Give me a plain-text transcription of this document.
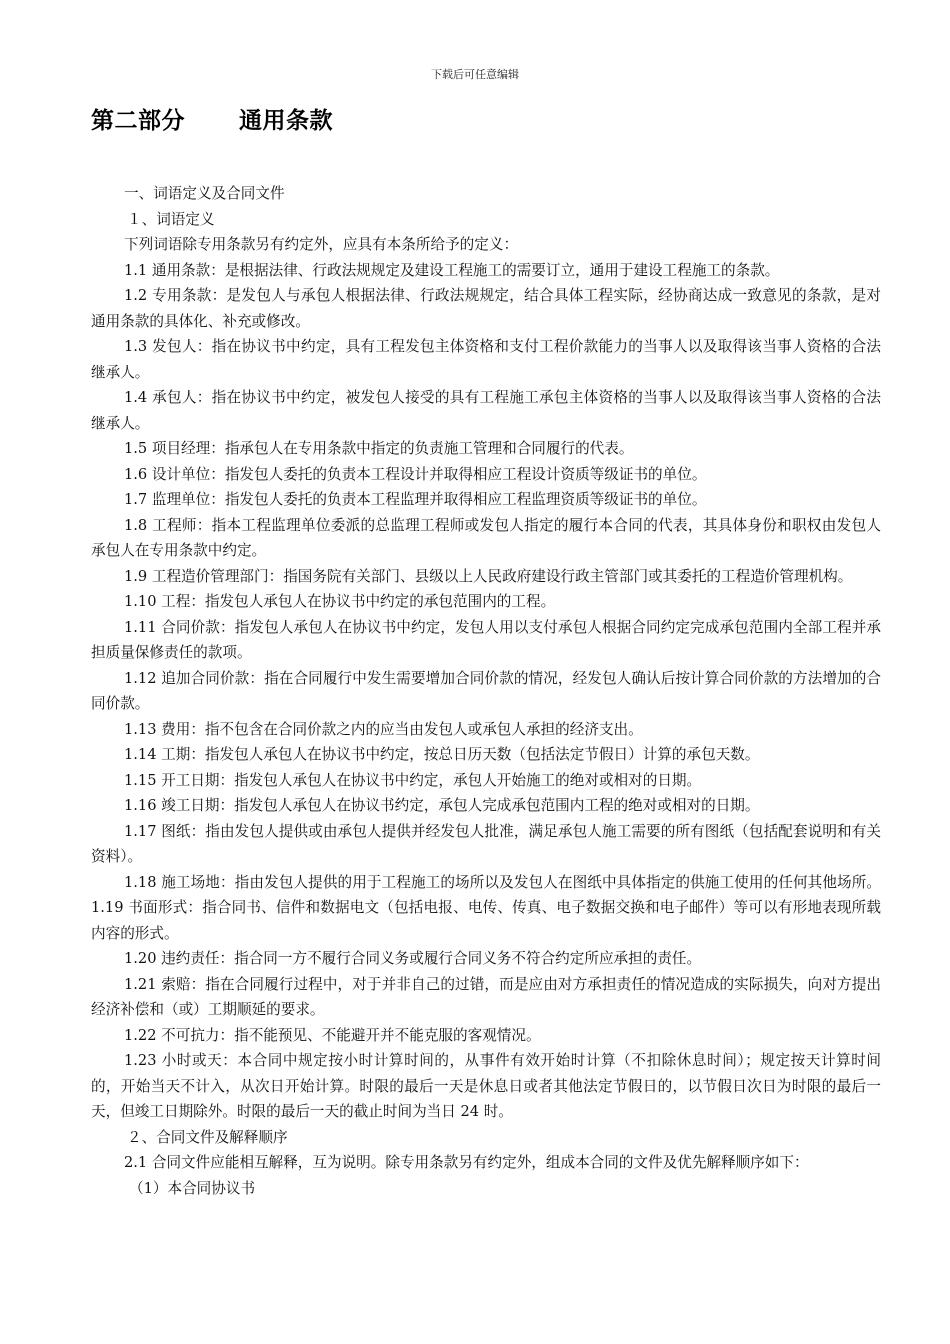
下载后可任意编辑
第二部分 通用条款

一、词语定义及合同文件

１、词语定义

下列词语除专用条款另有约定外，应具有本条所给予的定义：

1.1 通用条款：是根据法律、行政法规规定及建设工程施工的需要订立，通用于建设工程施工的条款。

1.2 专用条款：是发包人与承包人根据法律、行政法规规定，结合具体工程实际，经协商达成一致意见的条款，是对通用条款的具体化、补充或修改。

1.3 发包人：指在协议书中约定，具有工程发包主体资格和支付工程价款能力的当事人以及取得该当事人资格的合法继承人。

1.4 承包人：指在协议书中约定，被发包人接受的具有工程施工承包主体资格的当事人以及取得该当事人资格的合法继承人。

1.5 项目经理：指承包人在专用条款中指定的负责施工管理和合同履行的代表。

1.6 设计单位：指发包人委托的负责本工程设计并取得相应工程设计资质等级证书的单位。

1.7 监理单位：指发包人委托的负责本工程监理并取得相应工程监理资质等级证书的单位。

1.8 工程师：指本工程监理单位委派的总监理工程师或发包人指定的履行本合同的代表，其具体身份和职权由发包人承包人在专用条款中约定。

1.9 工程造价管理部门：指国务院有关部门、县级以上人民政府建设行政主管部门或其委托的工程造价管理机构。

1.10 工程：指发包人承包人在协议书中约定的承包范围内的工程。

1.11 合同价款：指发包人承包人在协议书中约定，发包人用以支付承包人根据合同约定完成承包范围内全部工程并承担质量保修责任的款项。

1.12 追加合同价款：指在合同履行中发生需要增加合同价款的情况，经发包人确认后按计算合同价款的方法增加的合同价款。

1.13 费用：指不包含在合同价款之内的应当由发包人或承包人承担的经济支出。

1.14 工期：指发包人承包人在协议书中约定，按总日历天数（包括法定节假日）计算的承包天数。

1.15 开工日期：指发包人承包人在协议书中约定，承包人开始施工的绝对或相对的日期。

1.16 竣工日期：指发包人承包人在协议书约定，承包人完成承包范围内工程的绝对或相对的日期。

1.17 图纸：指由发包人提供或由承包人提供并经发包人批准，满足承包人施工需要的所有图纸（包括配套说明和有关资料）。

1.18 施工场地：指由发包人提供的用于工程施工的场所以及发包人在图纸中具体指定的供施工使用的任何其他场所。1.19 书面形式：指合同书、信件和数据电文（包括电报、电传、传真、电子数据交换和电子邮件）等可以有形地表现所载内容的形式。

1.20 违约责任：指合同一方不履行合同义务或履行合同义务不符合约定所应承担的责任。

1.21 索赔：指在合同履行过程中，对于并非自己的过错，而是应由对方承担责任的情况造成的实际损失，向对方提出经济补偿和（或）工期顺延的要求。

1.22 不可抗力：指不能预见、不能避开并不能克服的客观情况。

1.23 小时或天：本合同中规定按小时计算时间的，从事件有效开始时计算（不扣除休息时间）；规定按天计算时间的，开始当天不计入，从次日开始计算。时限的最后一天是休息日或者其他法定节假日的，以节假日次日为时限的最后一天，但竣工日期除外。时限的最后一天的截止时间为当日 24 时。

２、合同文件及解释顺序

2.1 合同文件应能相互解释，互为说明。除专用条款另有约定外，组成本合同的文件及优先解释顺序如下：

（1）本合同协议书
